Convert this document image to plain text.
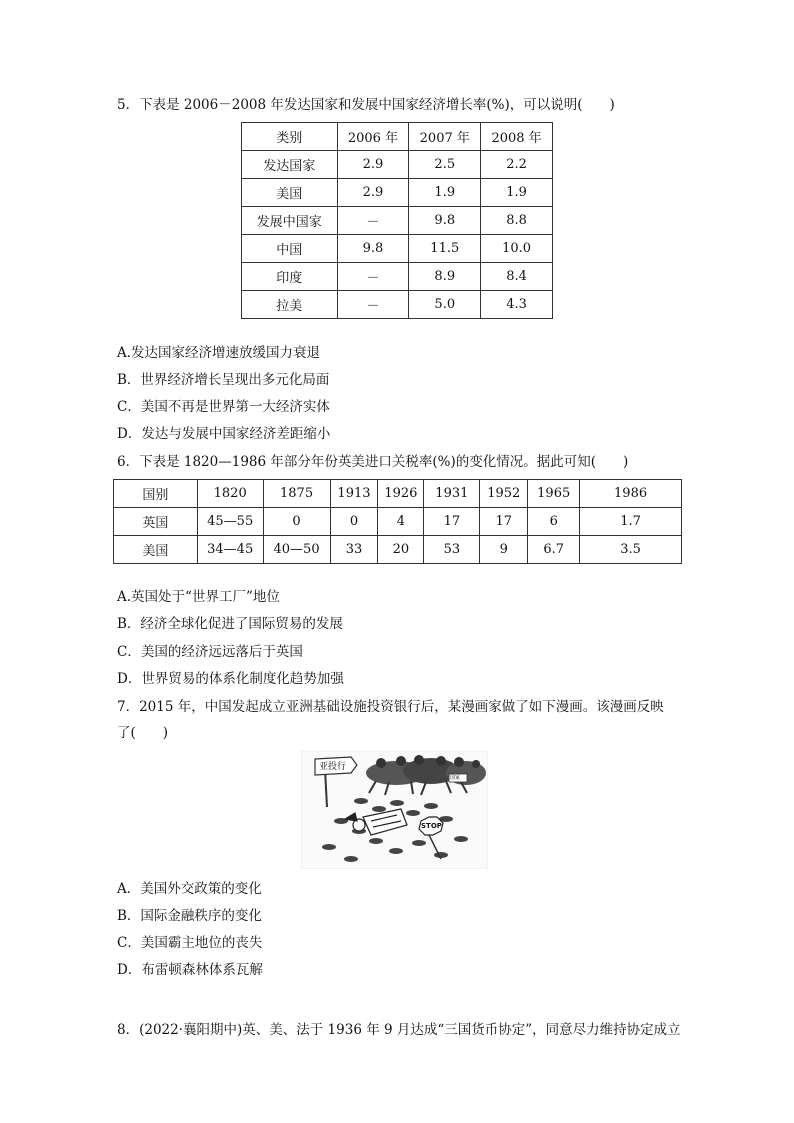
5．下表是 2006－2008 年发达国家和发展中国家经济增长率(%)，可以说明(　　)
类别	2006 年	2007 年	2008 年
发达国家	2.9	2.5	2.2
美国	2.9	1.9	1.9
发展中国家	－	9.8	8.8
中国	9.8	11.5	10.0
印度	－	8.9	8.4
拉美	－	5.0	4.3
A.发达国家经济增速放缓国力衰退
B．世界经济增长呈现出多元化局面
C．美国不再是世界第一大经济实体
D．发达与发展中国家经济差距缩小
6．下表是 1820—1986 年部分年份英美进口关税率(%)的变化情况。据此可知(　　)
国别	1820	1875	1913	1926	1931	1952	1965	1986
英国	45—55	0	0	4	17	17	6	1.7
美国	34—45	40—50	33	20	53	9	6.7	3.5
A.英国处于“世界工厂”地位
B．经济全球化促进了国际贸易的发展
C．美国的经济远远落后于英国
D．世界贸易的体系化制度化趋势加强
7．2015 年，中国发起成立亚洲基础设施投资银行后，某漫画家做了如下漫画。该漫画反映
了(　　)
亚投行
STOP
国家
A．美国外交政策的变化
B．国际金融秩序的变化
C．美国霸主地位的丧失
D．布雷顿森林体系瓦解
8．(2022·襄阳期中)英、美、法于 1936 年 9 月达成“三国货币协定”，同意尽力维持协定成立
